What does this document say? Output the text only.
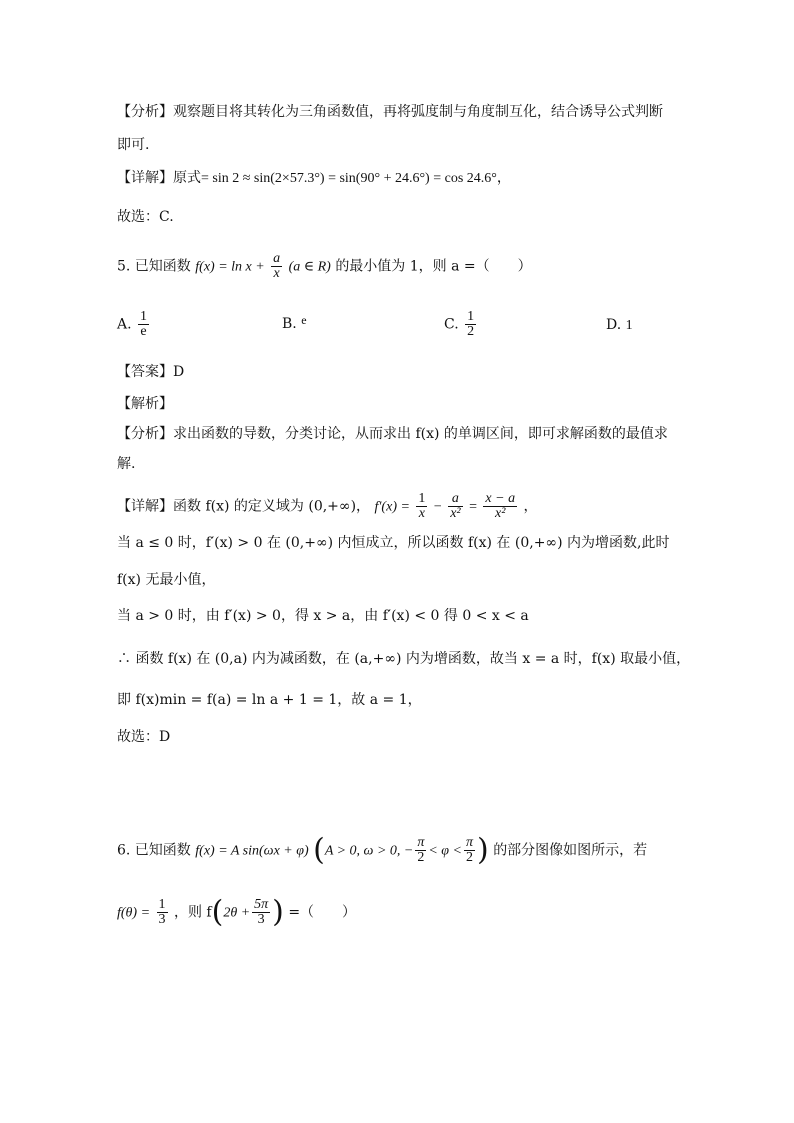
【分析】观察题目将其转化为三角函数值，再将弧度制与角度制互化，结合诱导公式判断
即可.
【详解】原式= sin 2 ≈ sin(2×57.3°) = sin(90° + 24.6°) = cos 24.6°，
故选：C.
5. 已知函数 $f(x) = \ln x + \frac{a}{x} (a$ ∈ R) 的最小值为 1，则 a =（　　）
A. $\frac{1}{e}$	B. e	C. $\frac{1}{2}$	D. 1
【答案】D
【解析】
【分析】求出函数的导数，分类讨论，从而求出 f(x) 的单调区间，即可求解函数的最值求
解.
【详解】函数 f(x) 的定义域为 (0,+∞)， $f'(x) = \frac{1}{x} - \frac{a}{\text{x²}} = \frac{x - a}{\text{x²}}$ ，
当 a ≤ 0 时，f′(x) > 0 在 (0,+∞) 内恒成立，所以函数 f(x) 在 (0,+∞) 内为增函数,此时
f(x) 无最小值，
当 a > 0 时，由 f′(x) > 0，得 x > a，由 f′(x) < 0 得 0 < x < a
∴ 函数 f(x) 在 (0,a) 内为减函数，在 (a,+∞) 内为增函数，故当 x = a 时，f(x) 取最小值，
即 f(x)min = f(a) = ln a + 1 = 1，故 a = 1，
故选：D
6. 已知函数 f(x) = A sin(ωx + φ) (A > 0, ω > 0, − $\frac{\pi}{2} < \varphi < \frac{\pi}{2}$ ) 的部分图像如图所示，若
$f(\theta) = \frac{1}{3}$ ，则 $f(2\theta + \frac{5\pi}{3}$ ) =（　　）
